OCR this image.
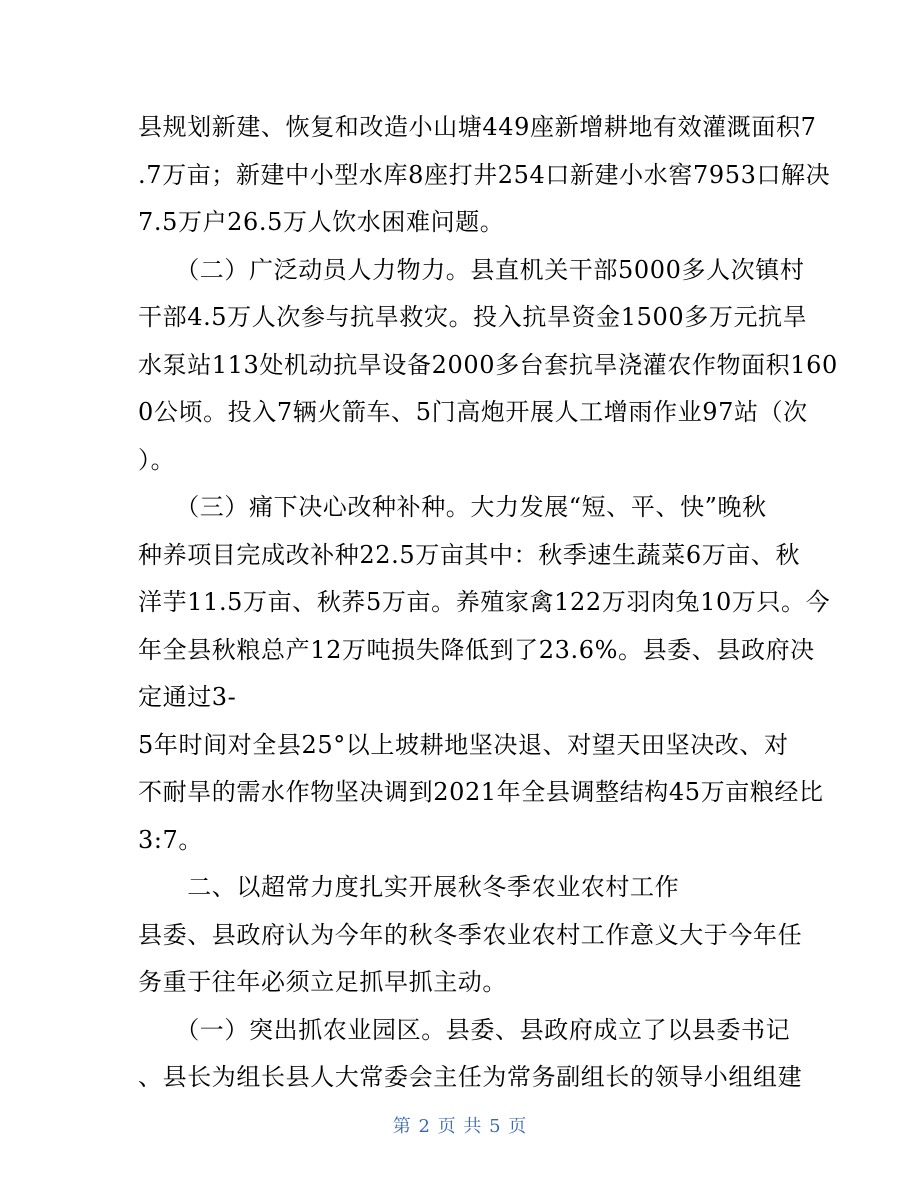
县规划新建、恢复和改造小山塘449座新增耕地有效灌溉面积7
.7万亩；新建中小型水库8座打井254口新建小水窖7953口解决
7.5万户26.5万人饮水困难问题。
　　（二）广泛动员人力物力。县直机关干部5000多人次镇村
干部4.5万人次参与抗旱救灾。投入抗旱资金1500多万元抗旱
水泵站113处机动抗旱设备2000多台套抗旱浇灌农作物面积160
0公顷。投入7辆火箭车、5门高炮开展人工增雨作业97站（次
）。
　　（三）痛下决心改种补种。大力发展“短、平、快”晚秋
种养项目完成改补种22.5万亩其中：秋季速生蔬菜6万亩、秋
洋芋11.5万亩、秋荞5万亩。养殖家禽122万羽肉兔10万只。今
年全县秋粮总产12万吨损失降低到了23.6%。县委、县政府决
定通过3-
5年时间对全县25°以上坡耕地坚决退、对望天田坚决改、对
不耐旱的需水作物坚决调到2021年全县调整结构45万亩粮经比
3:7。
　　二、以超常力度扎实开展秋冬季农业农村工作
县委、县政府认为今年的秋冬季农业农村工作意义大于今年任
务重于往年必须立足抓早抓主动。
　　（一）突出抓农业园区。县委、县政府成立了以县委书记
、县长为组长县人大常委会主任为常务副组长的领导小组组建
第 2 页 共 5 页
